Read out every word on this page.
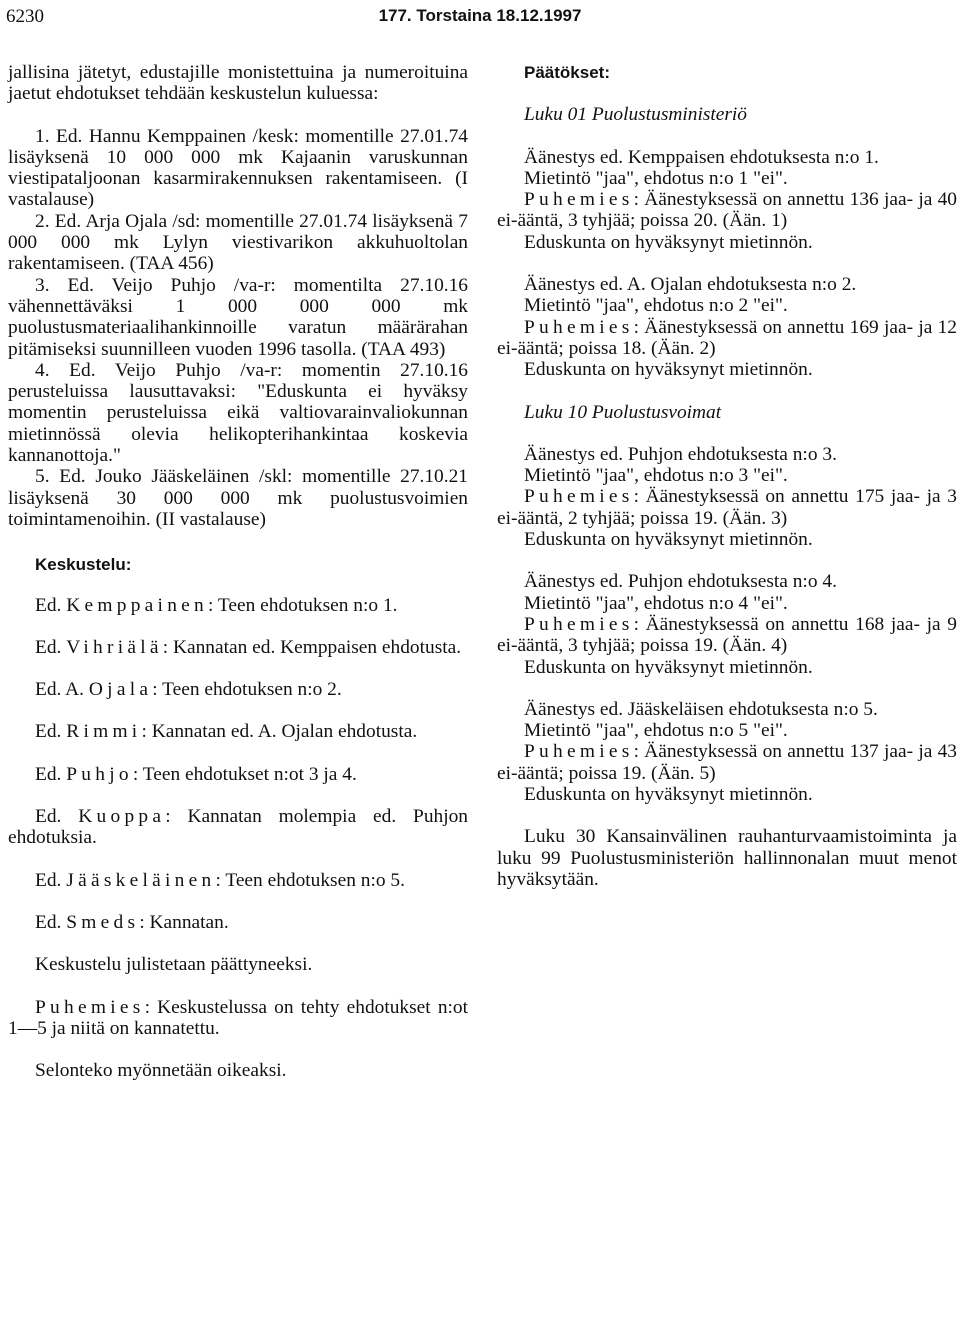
6230	177. Torstaina 18.12.1997

jallisina jätetyt, edustajille monistettuina ja numeroituina jaetut ehdotukset tehdään keskustelun kuluessa:

1. Ed. Hannu Kemppainen /kesk: momentille 27.01.74 lisäyksenä 10 000 000 mk Kajaanin varuskunnan viestipataljoonan kasarmirakennuksen rakentamiseen. (I vastalause)

2. Ed. Arja Ojala /sd: momentille 27.01.74 lisäyksenä 7 000 000 mk Lylyn viestivarikon akkuhuoltolan rakentamiseen. (TAA 456)

3. Ed. Veijo Puhjo /va-r: momentilta 27.10.16 vähennettäväksi 1 000 000 000 mk puolustusmateriaalihankinnoille varatun määrärahan pitämiseksi suunnilleen vuoden 1996 tasolla. (TAA 493)

4. Ed. Veijo Puhjo /va-r: momentin 27.10.16 perusteluissa lausuttavaksi: "Eduskunta ei hyväksy momentin perusteluissa eikä valtiovarainvaliokunnan mietinnössä olevia helikopterihankintaa koskevia kannanottoja."

5. Ed. Jouko Jääskeläinen /skl: momentille 27.10.21 lisäyksenä 30 000 000 mk puolustusvoimien toimintamenoihin. (II vastalause)

Keskustelu:

Ed. Kemppainen: Teen ehdotuksen n:o 1.

Ed. Vihriälä: Kannatan ed. Kemppaisen ehdotusta.

Ed. A. Ojala: Teen ehdotuksen n:o 2.

Ed. Rimmi: Kannatan ed. A. Ojalan ehdotusta.

Ed. Puhjo: Teen ehdotukset n:ot 3 ja 4.

Ed. Kuoppa: Kannatan molempia ed. Puhjon ehdotuksia.

Ed. Jääskeläinen: Teen ehdotuksen n:o 5.

Ed. Smeds: Kannatan.

Keskustelu julistetaan päättyneeksi.

Puhemies: Keskustelussa on tehty ehdotukset n:ot 1—5 ja niitä on kannatettu.

Selonteko myönnetään oikeaksi.

Päätökset:

Luku 01 Puolustusministeriö

Äänestys ed. Kemppaisen ehdotuksesta n:o 1.

Mietintö "jaa", ehdotus n:o 1 "ei".

Puhemies: Äänestyksessä on annettu 136 jaa- ja 40 ei-ääntä, 3 tyhjää; poissa 20. (Ään. 1)

Eduskunta on hyväksynyt mietinnön.

Äänestys ed. A. Ojalan ehdotuksesta n:o 2.

Mietintö "jaa", ehdotus n:o 2 "ei".

Puhemies: Äänestyksessä on annettu 169 jaa- ja 12 ei-ääntä; poissa 18. (Ään. 2)

Eduskunta on hyväksynyt mietinnön.

Luku 10 Puolustusvoimat

Äänestys ed. Puhjon ehdotuksesta n:o 3.

Mietintö "jaa", ehdotus n:o 3 "ei".

Puhemies: Äänestyksessä on annettu 175 jaa- ja 3 ei-ääntä, 2 tyhjää; poissa 19. (Ään. 3)

Eduskunta on hyväksynyt mietinnön.

Äänestys ed. Puhjon ehdotuksesta n:o 4.

Mietintö "jaa", ehdotus n:o 4 "ei".

Puhemies: Äänestyksessä on annettu 168 jaa- ja 9 ei-ääntä, 3 tyhjää; poissa 19. (Ään. 4)

Eduskunta on hyväksynyt mietinnön.

Äänestys ed. Jääskeläisen ehdotuksesta n:o 5.

Mietintö "jaa", ehdotus n:o 5 "ei".

Puhemies: Äänestyksessä on annettu 137 jaa- ja 43 ei-ääntä; poissa 19. (Ään. 5)

Eduskunta on hyväksynyt mietinnön.

Luku 30 Kansainvälinen rauhanturvaamistoiminta ja luku 99 Puolustusministeriön hallinnonalan muut menot hyväksytään.
